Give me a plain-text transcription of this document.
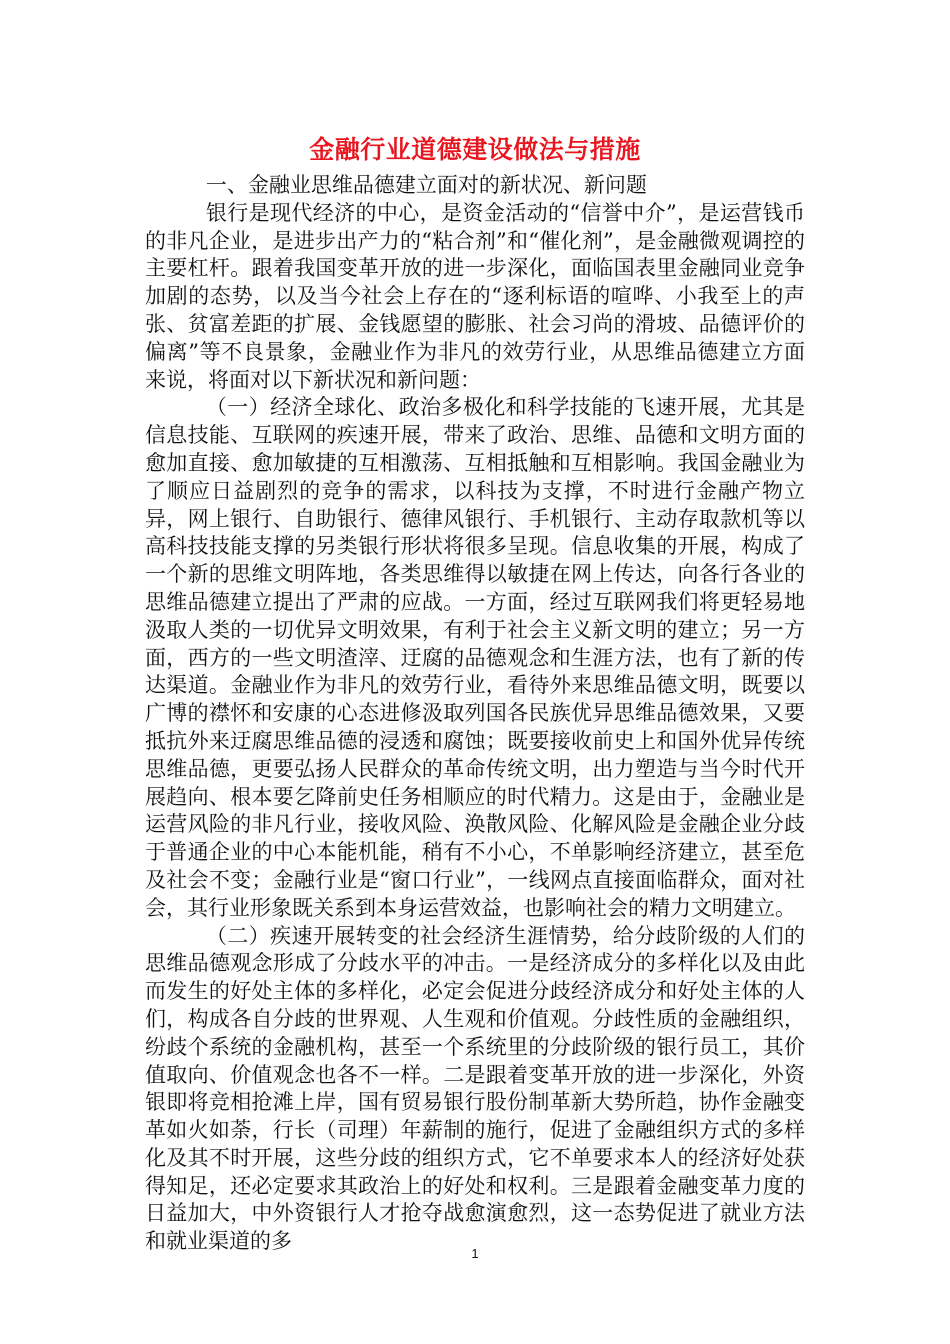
金融行业道德建设做法与措施

一、金融业思维品德建立面对的新状况、新问题

银行是现代经济的中心，是资金活动的“信誉中介”，是运营钱币的非凡企业，是进步出产力的“粘合剂”和“催化剂”，是金融微观调控的主要杠杆。跟着我国变革开放的进一步深化，面临国表里金融同业竞争加剧的态势，以及当今社会上存在的“逐利标语的喧哗、小我至上的声张、贫富差距的扩展、金钱愿望的膨胀、社会习尚的滑坡、品德评价的偏离”等不良景象，金融业作为非凡的效劳行业，从思维品德建立方面来说，将面对以下新状况和新问题：

（一）经济全球化、政治多极化和科学技能的飞速开展，尤其是信息技能、互联网的疾速开展，带来了政治、思维、品德和文明方面的愈加直接、愈加敏捷的互相激荡、互相抵触和互相影响。我国金融业为了顺应日益剧烈的竞争的需求，以科技为支撑，不时进行金融产物立异，网上银行、自助银行、德律风银行、手机银行、主动存取款机等以高科技技能支撑的另类银行形状将很多呈现。信息收集的开展，构成了一个新的思维文明阵地，各类思维得以敏捷在网上传达，向各行各业的思维品德建立提出了严肃的应战。一方面，经过互联网我们将更轻易地汲取人类的一切优异文明效果，有利于社会主义新文明的建立；另一方面，西方的一些文明渣滓、迂腐的品德观念和生涯方法，也有了新的传达渠道。金融业作为非凡的效劳行业，看待外来思维品德文明，既要以广博的襟怀和安康的心态进修汲取列国各民族优异思维品德效果，又要抵抗外来迂腐思维品德的浸透和腐蚀；既要接收前史上和国外优异传统思维品德，更要弘扬人民群众的革命传统文明，出力塑造与当今时代开展趋向、根本要乞降前史任务相顺应的时代精力。这是由于，金融业是运营风险的非凡行业，接收风险、涣散风险、化解风险是金融企业分歧于普通企业的中心本能机能，稍有不小心，不单影响经济建立，甚至危及社会不变；金融行业是“窗口行业”，一线网点直接面临群众，面对社会，其行业形象既关系到本身运营效益，也影响社会的精力文明建立。

（二）疾速开展转变的社会经济生涯情势，给分歧阶级的人们的思维品德观念形成了分歧水平的冲击。一是经济成分的多样化以及由此而发生的好处主体的多样化，必定会促进分歧经济成分和好处主体的人们，构成各自分歧的世界观、人生观和价值观。分歧性质的金融组织，纷歧个系统的金融机构，甚至一个系统里的分歧阶级的银行员工，其价值取向、价值观念也各不一样。二是跟着变革开放的进一步深化，外资银即将竞相抢滩上岸，国有贸易银行股份制革新大势所趋，协作金融变革如火如荼，行长（司理）年薪制的施行，促进了金融组织方式的多样化及其不时开展，这些分歧的组织方式，它不单要求本人的经济好处获得知足，还必定要求其政治上的好处和权利。三是跟着金融变革力度的日益加大，中外资银行人才抢夺战愈演愈烈，这一态势促进了就业方法和就业渠道的多

1
